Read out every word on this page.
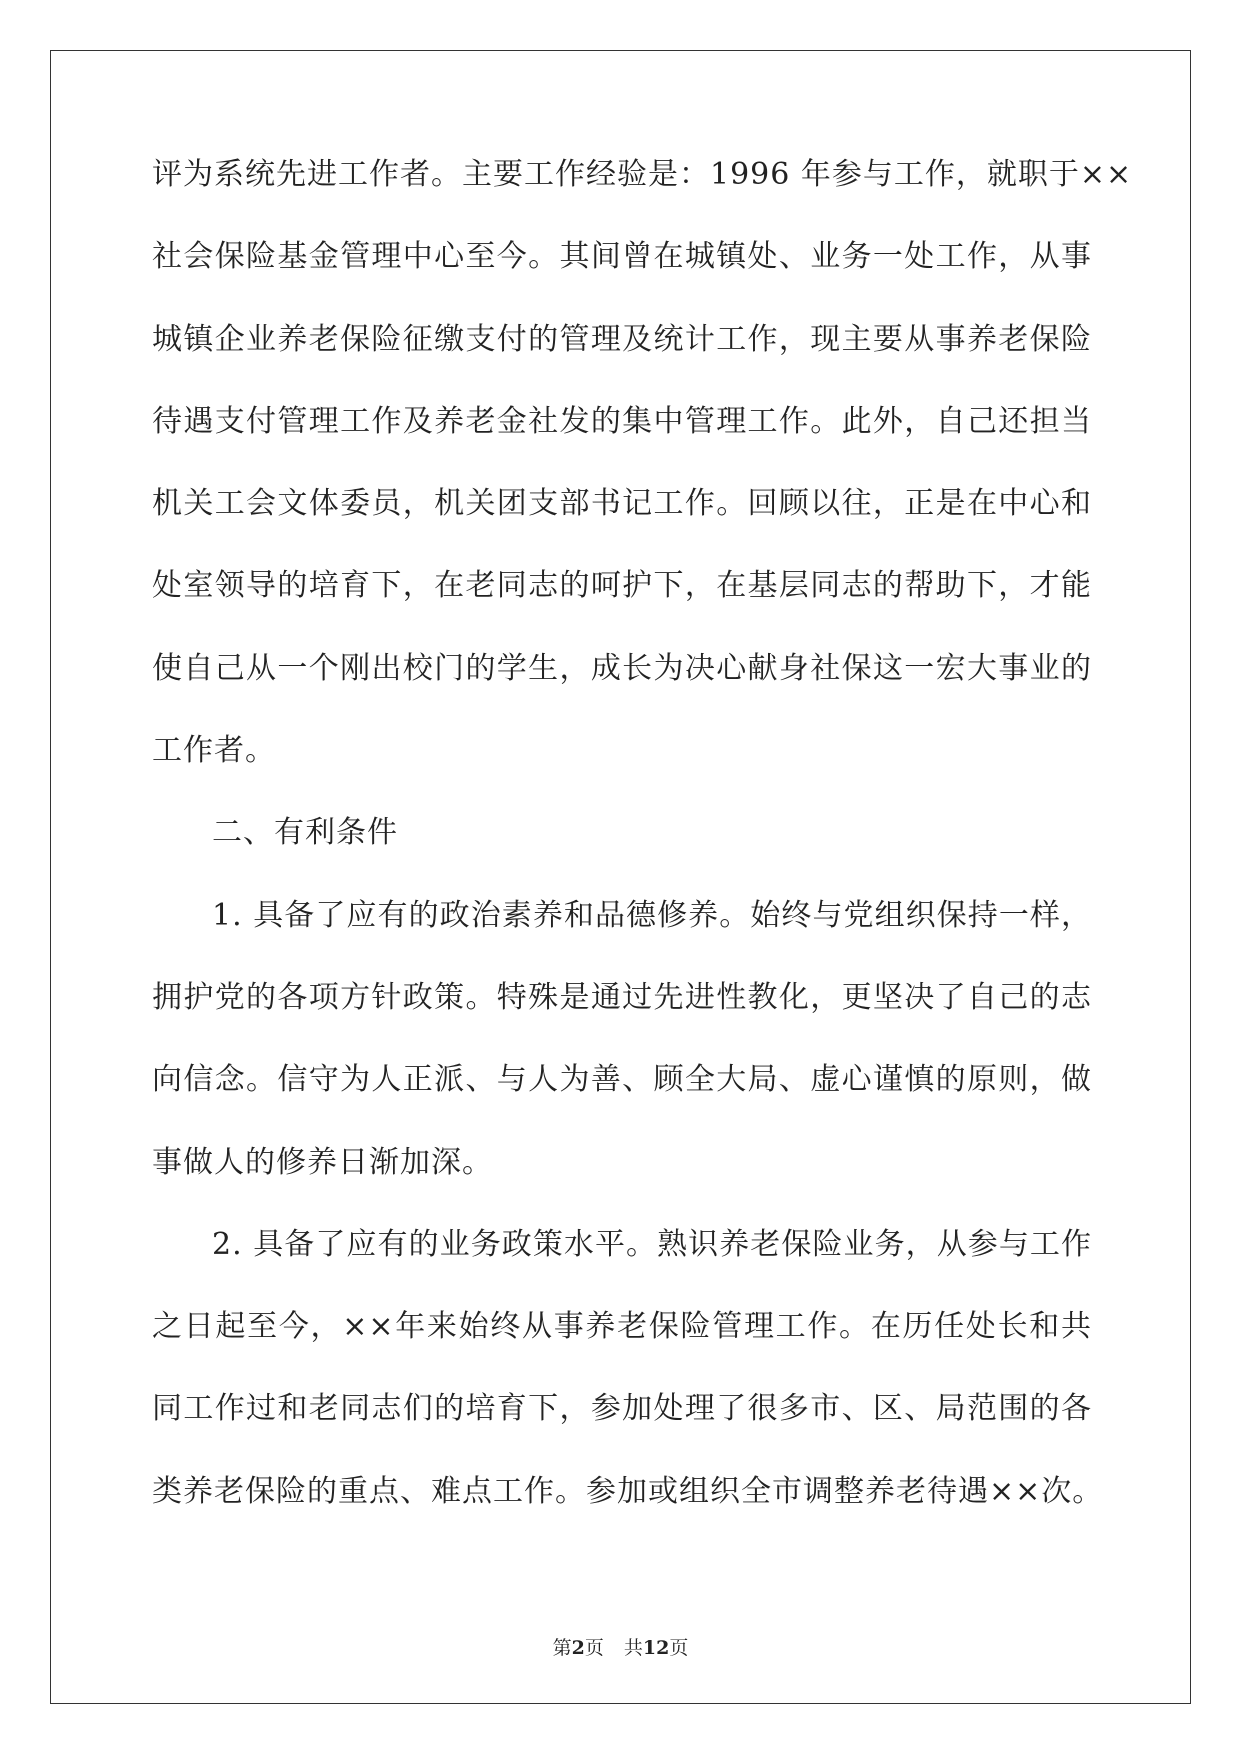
评为系统先进工作者。主要工作经验是：1996 年参与工作，就职于××
社会保险基金管理中心至今。其间曾在城镇处、业务一处工作，从事
城镇企业养老保险征缴支付的管理及统计工作，现主要从事养老保险
待遇支付管理工作及养老金社发的集中管理工作。此外，自己还担当
机关工会文体委员，机关团支部书记工作。回顾以往，正是在中心和
处室领导的培育下，在老同志的呵护下，在基层同志的帮助下，才能
使自己从一个刚出校门的学生，成长为决心献身社保这一宏大事业的
工作者。
二、有利条件
1. 具备了应有的政治素养和品德修养。始终与党组织保持一样，
拥护党的各项方针政策。特殊是通过先进性教化，更坚决了自己的志
向信念。信守为人正派、与人为善、顾全大局、虚心谨慎的原则，做
事做人的修养日渐加深。
2. 具备了应有的业务政策水平。熟识养老保险业务，从参与工作
之日起至今，××年来始终从事养老保险管理工作。在历任处长和共
同工作过和老同志们的培育下，参加处理了很多市、区、局范围的各
类养老保险的重点、难点工作。参加或组织全市调整养老待遇××次。
第2页 共12页
